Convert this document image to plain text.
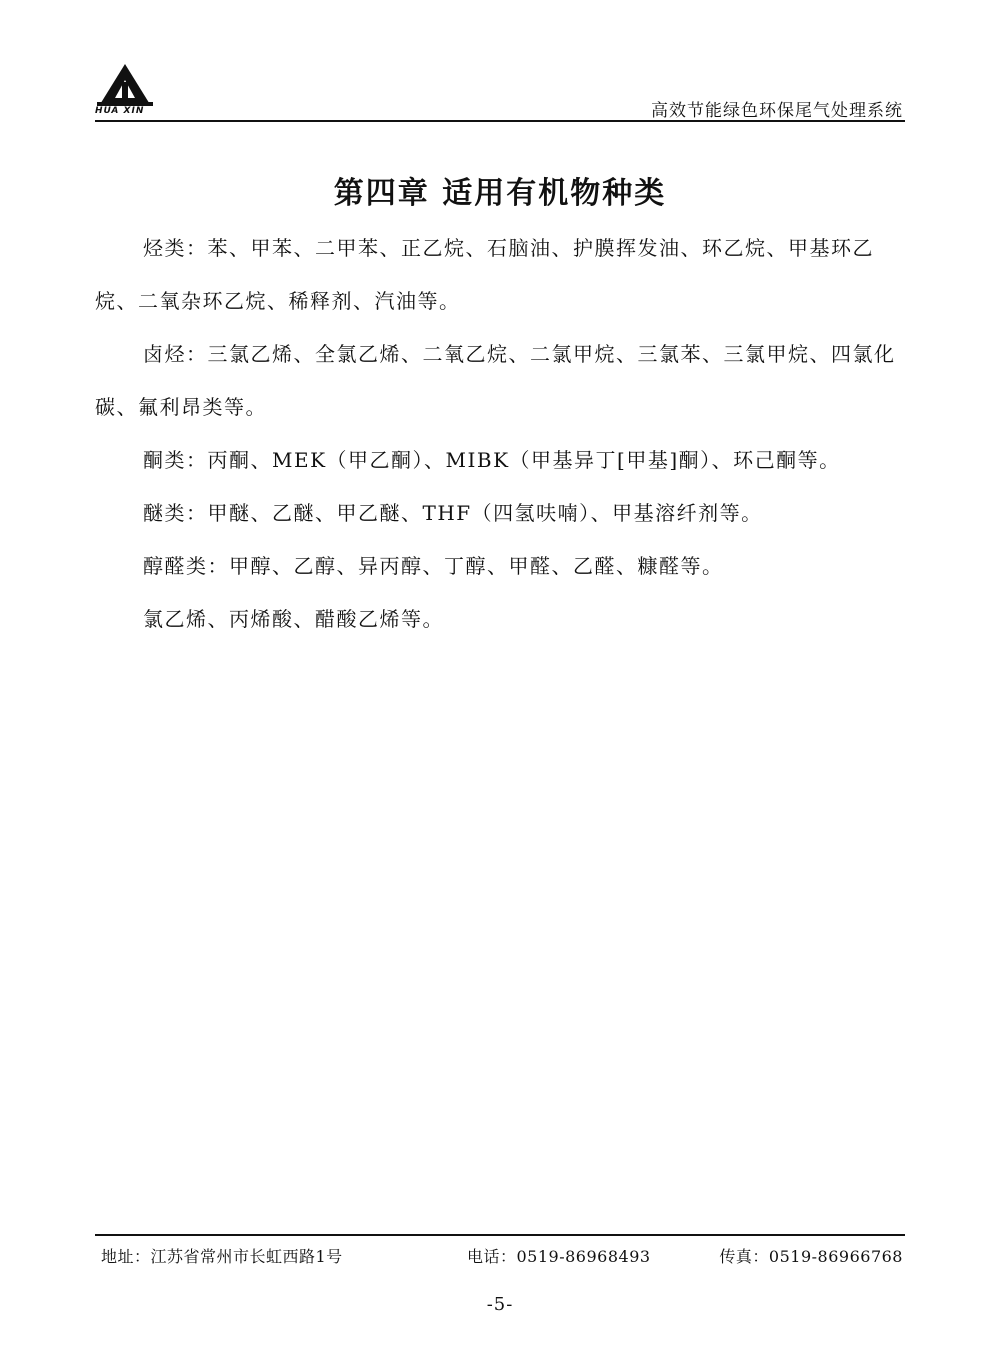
HUA XIN	高效节能绿色环保尾气处理系统
第四章 适用有机物种类

烃类：苯、甲苯、二甲苯、正乙烷、石脑油、护膜挥发油、环乙烷、甲基环乙烷、二氧杂环乙烷、稀释剂、汽油等。

卤烃：三氯乙烯、全氯乙烯、二氧乙烷、二氯甲烷、三氯苯、三氯甲烷、四氯化碳、氟利昂类等。

酮类：丙酮、MEK（甲乙酮）、MIBK（甲基异丁[甲基]酮）、环己酮等。

醚类：甲醚、乙醚、甲乙醚、THF（四氢呋喃）、甲基溶纤剂等。

醇醛类：甲醇、乙醇、异丙醇、丁醇、甲醛、乙醛、糠醛等。

氯乙烯、丙烯酸、醋酸乙烯等。

地址：江苏省常州市长虹西路1号	电话：0519-86968493	传真：0519-86966768
-5-
